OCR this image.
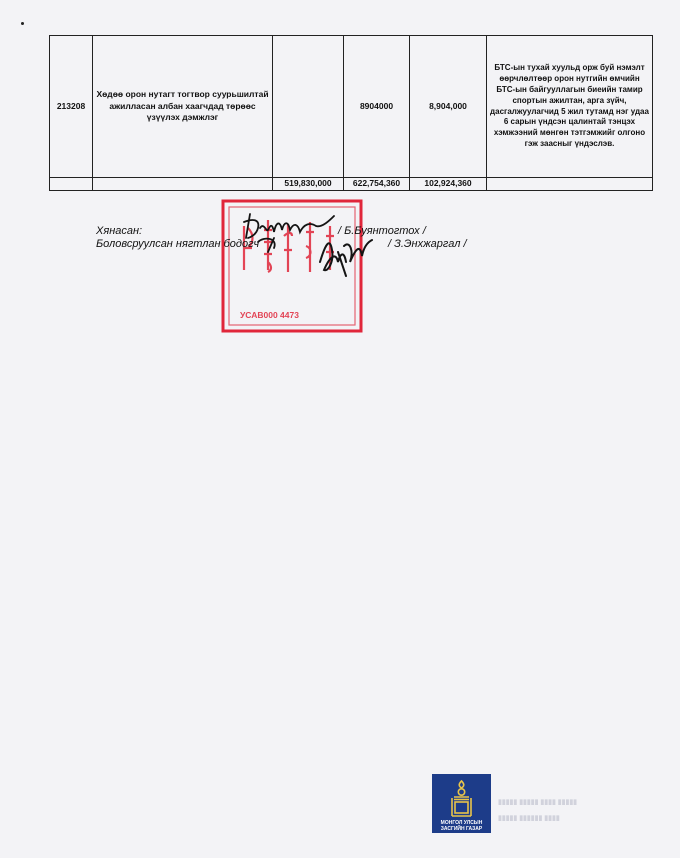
213208	Хөдөө орон нутагт тогтвор суурьшилтай ажилласан албан хаагчдад төрөөс үзүүлэх дэмжлэг		8904000	8,904,000	БТС-ын тухай хуульд орж буй нэмэлт өөрчлөлтөөр орон нутгийн өмчийн БТС-ын байгууллагын биеийн тамир спортын ажилтан, арга зүйч, дасгалжуулагчид 5 жил тутамд нэг удаа 6 сарын үндсэн цалинтай тэнцэх хэмжээний мөнгөн тэтгэмжийг олгоно гэж заасныг үндэслэв.
		519,830,000	622,754,360	102,924,360	
УСАВ000 4473
Хянасан:	/ Б.Буянтогтох /
Боловсруулсан нягтлан бодогч	/ З.Энхжаргал /
МОНГОЛ УЛСЫН
ЗАСГИЙН ГАЗАР
▮▮▮▮▮ ▮▮▮▮▮ ▮▮▮▮ ▮▮▮▮▮
▮▮▮▮▮ ▮▮▮▮▮▮ ▮▮▮▮
